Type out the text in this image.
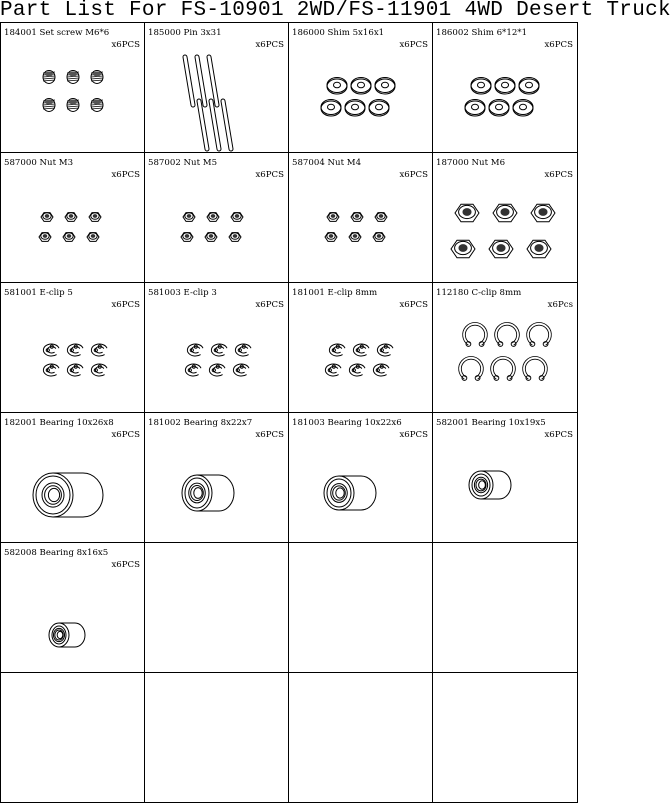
Part List For FS-10901 2WD/FS-11901 4WD Desert Truck
184001 Set screw M6*6
x6PCS
185000 Pin 3x31
x6PCS
186000 Shim 5x16x1
x6PCS
186002 Shim 6*12*1
x6PCS
587000 Nut M3
x6PCS
587002 Nut M5
x6PCS
587004 Nut M4
x6PCS
187000 Nut M6
x6PCS
581001 E-clip 5
x6PCS
581003 E-clip 3
x6PCS
181001 E-clip 8mm
x6PCS
112180 C-clip 8mm
x6Pcs
182001 Bearing 10x26x8
x6PCS
181002 Bearing 8x22x7
x6PCS
181003 Bearing 10x22x6
x6PCS
582001 Bearing 10x19x5
x6PCS
582008 Bearing 8x16x5
x6PCS
